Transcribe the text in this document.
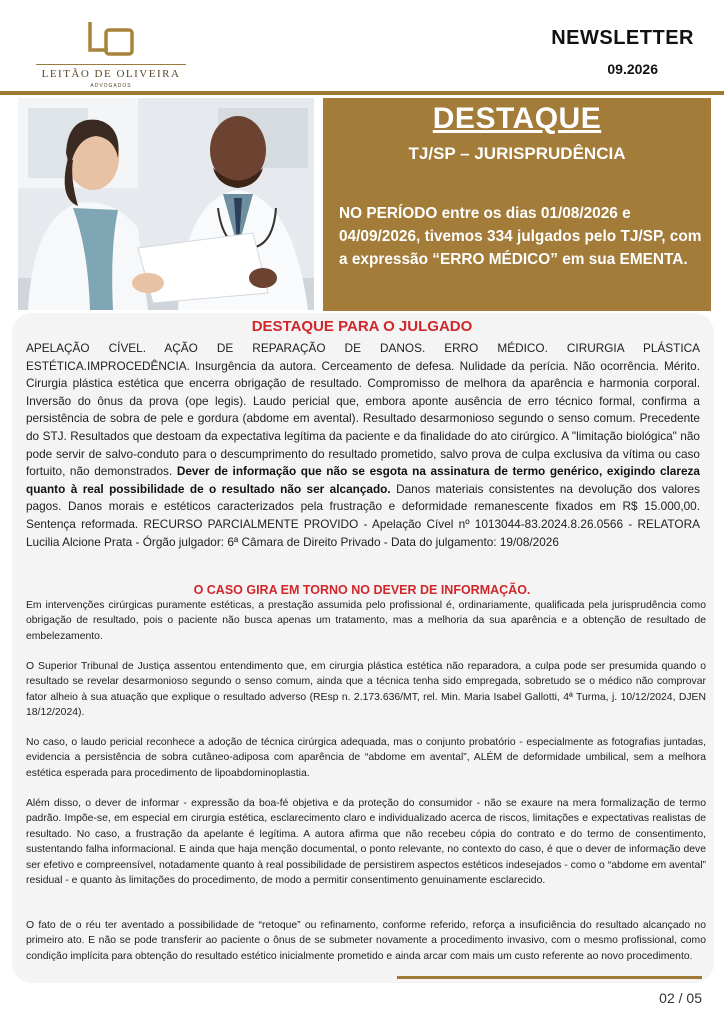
LEITÃO DE OLIVEIRA
ADVOGADOS
NEWSLETTER
09.2026
DESTAQUE
TJ/SP – JURISPRUDÊNCIA
NO PERÍODO entre os dias 01/08/2026 e 04/09/2026, tivemos 334 julgados pelo TJ/SP, com a expressão “ERRO MÉDICO” em sua EMENTA.
DESTAQUE PARA O JULGADO

APELAÇÃO CÍVEL. AÇÃO DE REPARAÇÃO DE DANOS. ERRO MÉDICO. CIRURGIA PLÁSTICA ESTÉTICA.IMPROCEDÊNCIA. Insurgência da autora. Cerceamento de defesa. Nulidade da perícia. Não ocorrência. Mérito. Cirurgia plástica estética que encerra obrigação de resultado. Compromisso de melhora da aparência e harmonia corporal. Inversão do ônus da prova (ope legis). Laudo pericial que, embora aponte ausência de erro técnico formal, confirma a persistência de sobra de pele e gordura (abdome em avental). Resultado desarmonioso segundo o senso comum. Precedente do STJ. Resultados que destoam da expectativa legítima da paciente e da finalidade do ato cirúrgico. A "limitação biológica" não pode servir de salvo-conduto para o descumprimento do resultado prometido, salvo prova de culpa exclusiva da vítima ou caso fortuito, não demonstrados. Dever de informação que não se esgota na assinatura de termo genérico, exigindo clareza quanto à real possibilidade de o resultado não ser alcançado. Danos materiais consistentes na devolução dos valores pagos. Danos morais e estéticos caracterizados pela frustração e deformidade remanescente fixados em R$ 15.000,00. Sentença reformada. RECURSO PARCIALMENTE PROVIDO - Apelação Cível nº 1013044-83.2024.8.26.0566 - RELATORA Lucilia Alcione Prata - Órgão julgador: 6ª Câmara de Direito Privado - Data do julgamento: 19/08/2026

O CASO GIRA EM TORNO NO DEVER DE INFORMAÇÃO.

Em intervenções cirúrgicas puramente estéticas, a prestação assumida pelo profissional é, ordinariamente, qualificada pela jurisprudência como obrigação de resultado, pois o paciente não busca apenas um tratamento, mas a melhoria da sua aparência e a obtenção de resultado de embelezamento.

O Superior Tribunal de Justiça assentou entendimento que, em cirurgia plástica estética não reparadora, a culpa pode ser presumida quando o resultado se revelar desarmonioso segundo o senso comum, ainda que a técnica tenha sido empregada, sobretudo se o médico não comprovar fator alheio à sua atuação que explique o resultado adverso (REsp n. 2.173.636/MT, rel. Min. Maria Isabel Gallotti, 4ª Turma, j. 10/12/2024, DJEN 18/12/2024).

No caso, o laudo pericial reconhece a adoção de técnica cirúrgica adequada, mas o conjunto probatório - especialmente as fotografias juntadas, evidencia a persistência de sobra cutâneo-adiposa com aparência de “abdome em avental”, ALÉM de deformidade umbilical, sem a melhora estética esperada para procedimento de lipoabdominoplastia.

Além disso, o dever de informar - expressão da boa-fé objetiva e da proteção do consumidor - não se exaure na mera formalização de termo padrão. Impõe-se, em especial em cirurgia estética, esclarecimento claro e individualizado acerca de riscos, limitações e expectativas realistas de resultado. No caso, a frustração da apelante é legítima. A autora afirma que não recebeu cópia do contrato e do termo de consentimento, sustentando falha informacional. E ainda que haja menção documental, o ponto relevante, no contexto do caso, é que o dever de informação deve ser efetivo e compreensível, notadamente quanto à real possibilidade de persistirem aspectos estéticos indesejados - como o “abdome em avental” residual - e quanto às limitações do procedimento, de modo a permitir consentimento genuinamente esclarecido.

O fato de o réu ter aventado a possibilidade de “retoque” ou refinamento, conforme referido, reforça a insuficiência do resultado alcançado no primeiro ato. E não se pode transferir ao paciente o ônus de se submeter novamente a procedimento invasivo, com o mesmo profissional, como condição implícita para obtenção do resultado estético inicialmente prometido e ainda arcar com mais um custo referente ao novo procedimento.

02 / 05
